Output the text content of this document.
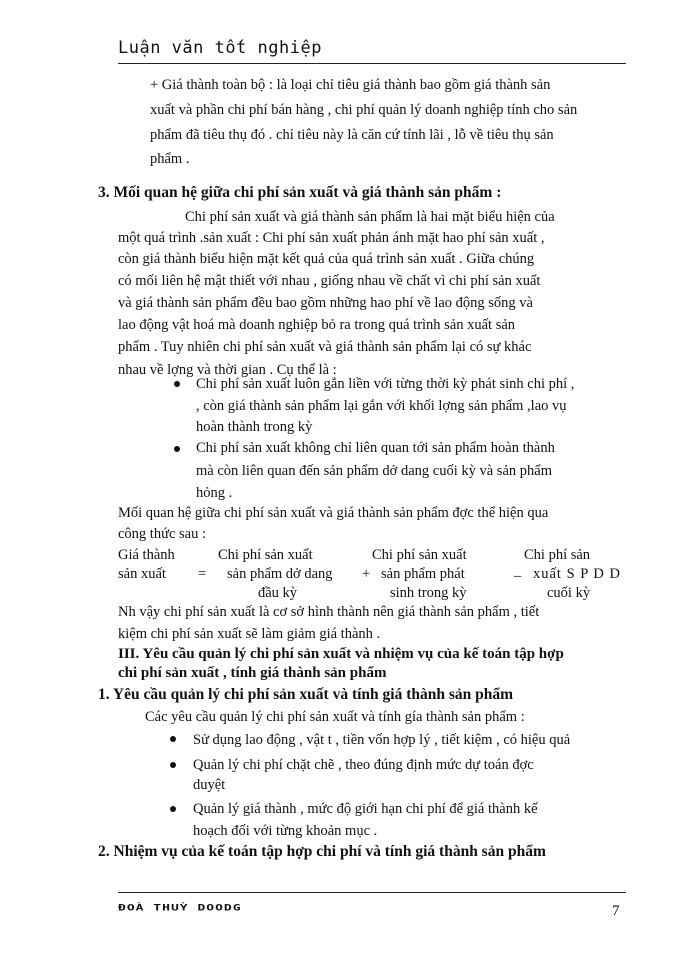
Luận văn tốt nghiệp
+ Giá thành toàn bộ : là loại chỉ tiêu giá thành bao gồm giá thành sản
xuất và phần chi phí bán hàng , chi phí quản lý doanh nghiệp tính cho sản
phẩm đã tiêu thụ đó . chỉ tiêu này là căn cứ tính lãi , lỗ về tiêu thụ sản
phẩm .
3. Mối quan hệ giữa chi phí sản xuất và giá thành sản phẩm :
Chi phí sản xuất và giá thành sản phẩm là hai mặt biểu hiện của
một quá trình .sản xuất : Chi phí sản xuất phản ánh mặt hao phí sản xuất ,
còn giá thành biểu hiện mặt kết quả của quá trình sản xuất . Giữa chúng
có mối liên hệ mật thiết với nhau , giống nhau về chất vì chi phí sản xuất
và giá thành sản phẩm đều bao gồm những hao phí về lao động sống và
lao động vật hoá mà doanh nghiệp bỏ ra trong quá trình sản xuất sản
phẩm . Tuy nhiên chi phí sản xuất và giá thành sản phẩm lại có sự khác
nhau về lợng và thời gian . Cụ thể là :
Chi phí sản xuất luôn gắn liền với từng thời kỳ phát sinh chi phí ,
, còn giá thành sản phẩm lại gắn với khối lợng sản phẩm ,lao vụ
hoàn thành trong kỳ
Chi phí sản xuất không chỉ liên quan tới sản phẩm hoàn thành
mà còn liên quan đến sản phẩm dở dang cuối kỳ và sản phẩm
hỏng .
Mối quan hệ giữa chi phí sản xuất và giá thành sản phẩm đợc thể hiện qua
công thức sau :
Giá thành
sản xuất =
Chi phí sản xuất
sản phẩm dở dang
đầu kỳ
+
Chi phí sản xuất
sản phẩm phát
sinh trong kỳ
_
Chi phí sản
xuất S P D D
cuối kỳ
Nh vậy chi phí sản xuất là cơ sở hình thành nên giá thành sản phẩm , tiết
kiệm chi phí sản xuất sẽ làm giảm giá thành .
III. Yêu cầu quản lý chi phí sản xuất và nhiệm vụ của kế toán tập hợp
chi phí sản xuất , tính giá thành sản phẩm
1. Yêu cầu quản lý chi phí sản xuất và tính giá thành sản phẩm
Các yêu cầu quản lý chi phí sản xuất và tính gía thành sản phẩm :
Sử dụng lao động , vật t , tiền vốn hợp lý , tiết kiệm , có hiệu quả
Quản lý chi phí chặt chẽ , theo đúng định mức dự toán đợc
duyệt
Quản lý giá thành , mức độ giới hạn chi phí để giá thành kế
hoạch đối với từng khoản mục .
2. Nhiệm vụ của kế toán tập hợp chi phí và tính giá thành sản phẩm
ĐOÀ THUỲ DOODG	7
